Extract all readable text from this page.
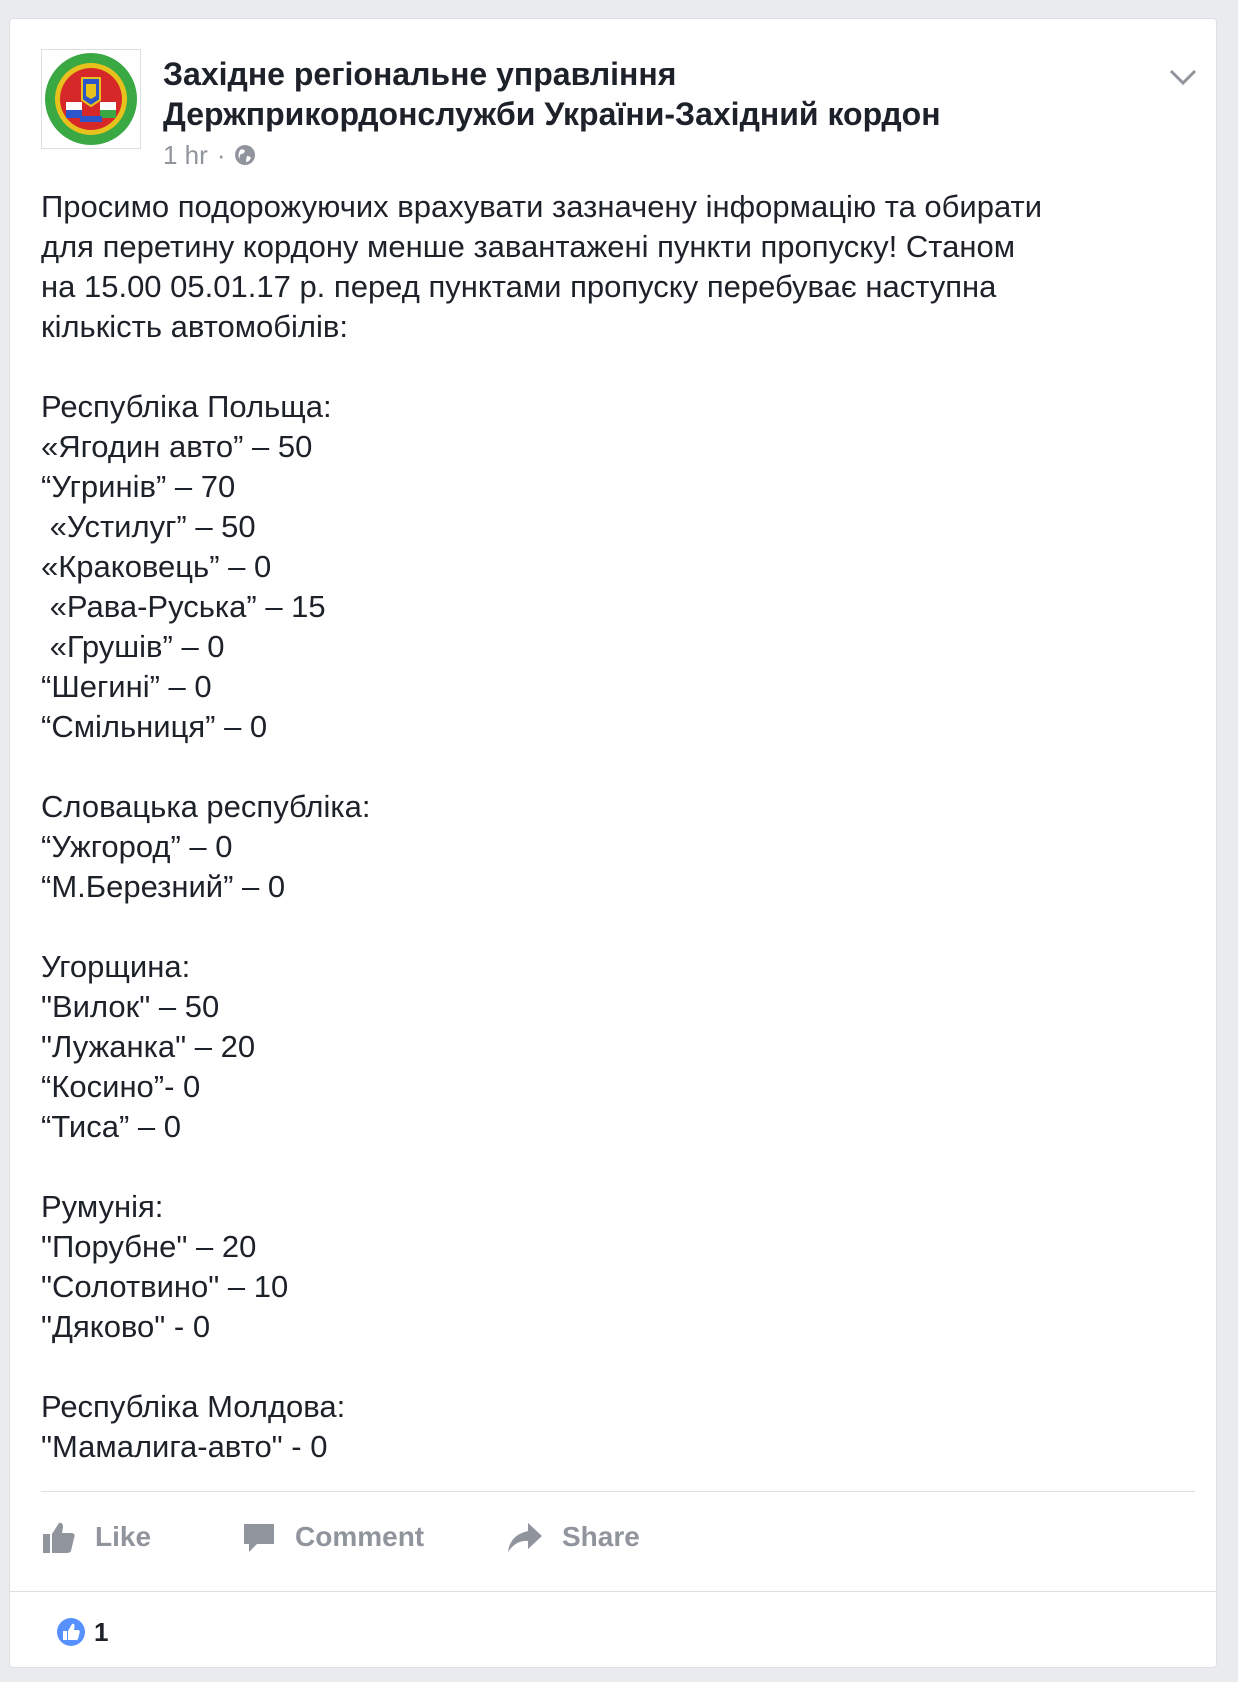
Західне регіональне управління
Держприкордонслужби України-Західний кордон
1 hr ·
Просимо подорожуючих врахувати зазначену інформацію та обирати
для перетину кордону менше завантажені пункти пропуску! Станом
на 15.00 05.01.17 р. перед пунктами пропуску перебуває наступна
кількість автомобілів:
Республіка Польща:
«Ягодин авто” – 50
“Угринів” – 70
«Устилуг” – 50
«Краковець” – 0
«Рава-Руська” – 15
«Грушів” – 0
“Шегині” – 0
“Смільниця” – 0
Словацька республіка:
“Ужгород” – 0
“М.Березний” – 0
Угорщина:
"Вилок" – 50
"Лужанка" – 20
“Косино”- 0
“Тиса” – 0
Румунія:
"Порубне" – 20
"Солотвино" – 10
"Дяково" - 0
Республіка Молдова:
"Мамалига-авто" - 0
Like	Comment	Share
1
